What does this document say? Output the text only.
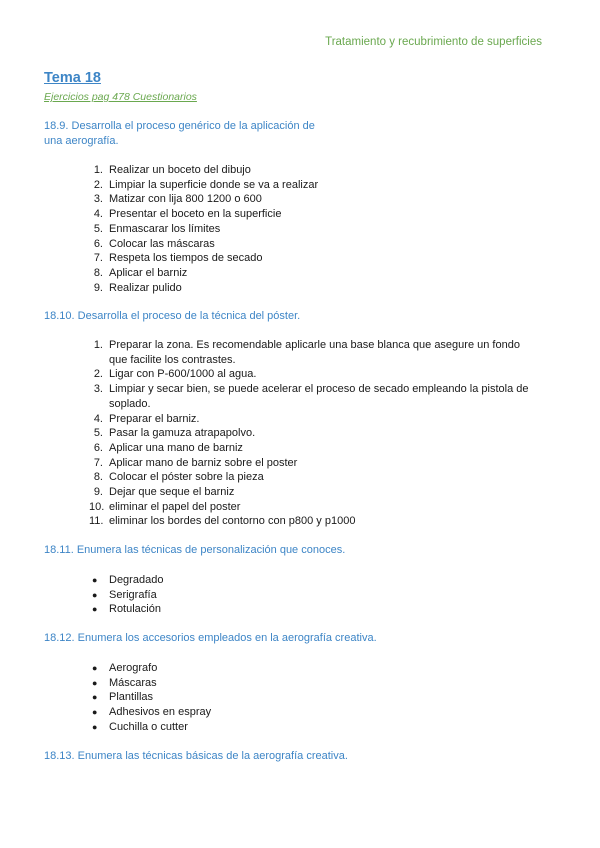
Tratamiento y recubrimiento de superficies
Tema 18
Ejercicios pag 478 Cuestionarios
18.9. Desarrolla el proceso genérico de la aplicación de
una aerografía.
1. Realizar un boceto del dibujo
2. Limpiar la superficie donde se va a realizar
3. Matizar con lija 800 1200 o 600
4. Presentar el boceto en la superficie
5. Enmascarar los límites
6. Colocar las máscaras
7. Respeta los tiempos de secado
8. Aplicar el barniz
9. Realizar pulido
18.10. Desarrolla el proceso de la técnica del póster.
1. Preparar la zona. Es recomendable aplicarle una base blanca que asegure un fondo que facilite los contrastes.
2. Ligar con P-600/1000 al agua.
3. Limpiar y secar bien, se puede acelerar el proceso de secado empleando la pistola de soplado.
4. Preparar el barniz.
5. Pasar la gamuza atrapapolvo.
6. Aplicar una mano de barniz
7. Aplicar mano de barniz sobre el poster
8. Colocar el póster sobre la pieza
9. Dejar que seque el barniz
10. eliminar el papel del poster
11. eliminar los bordes del contorno con p800 y p1000
18.11. Enumera las técnicas de personalización que conoces.
●	Degradado
●	Serigrafía
●	Rotulación
18.12. Enumera los accesorios empleados en la aerografía creativa.
●	Aerografo
●	Máscaras
●	Plantillas
●	Adhesivos en espray
●	Cuchilla o cutter
18.13. Enumera las técnicas básicas de la aerografía creativa.
